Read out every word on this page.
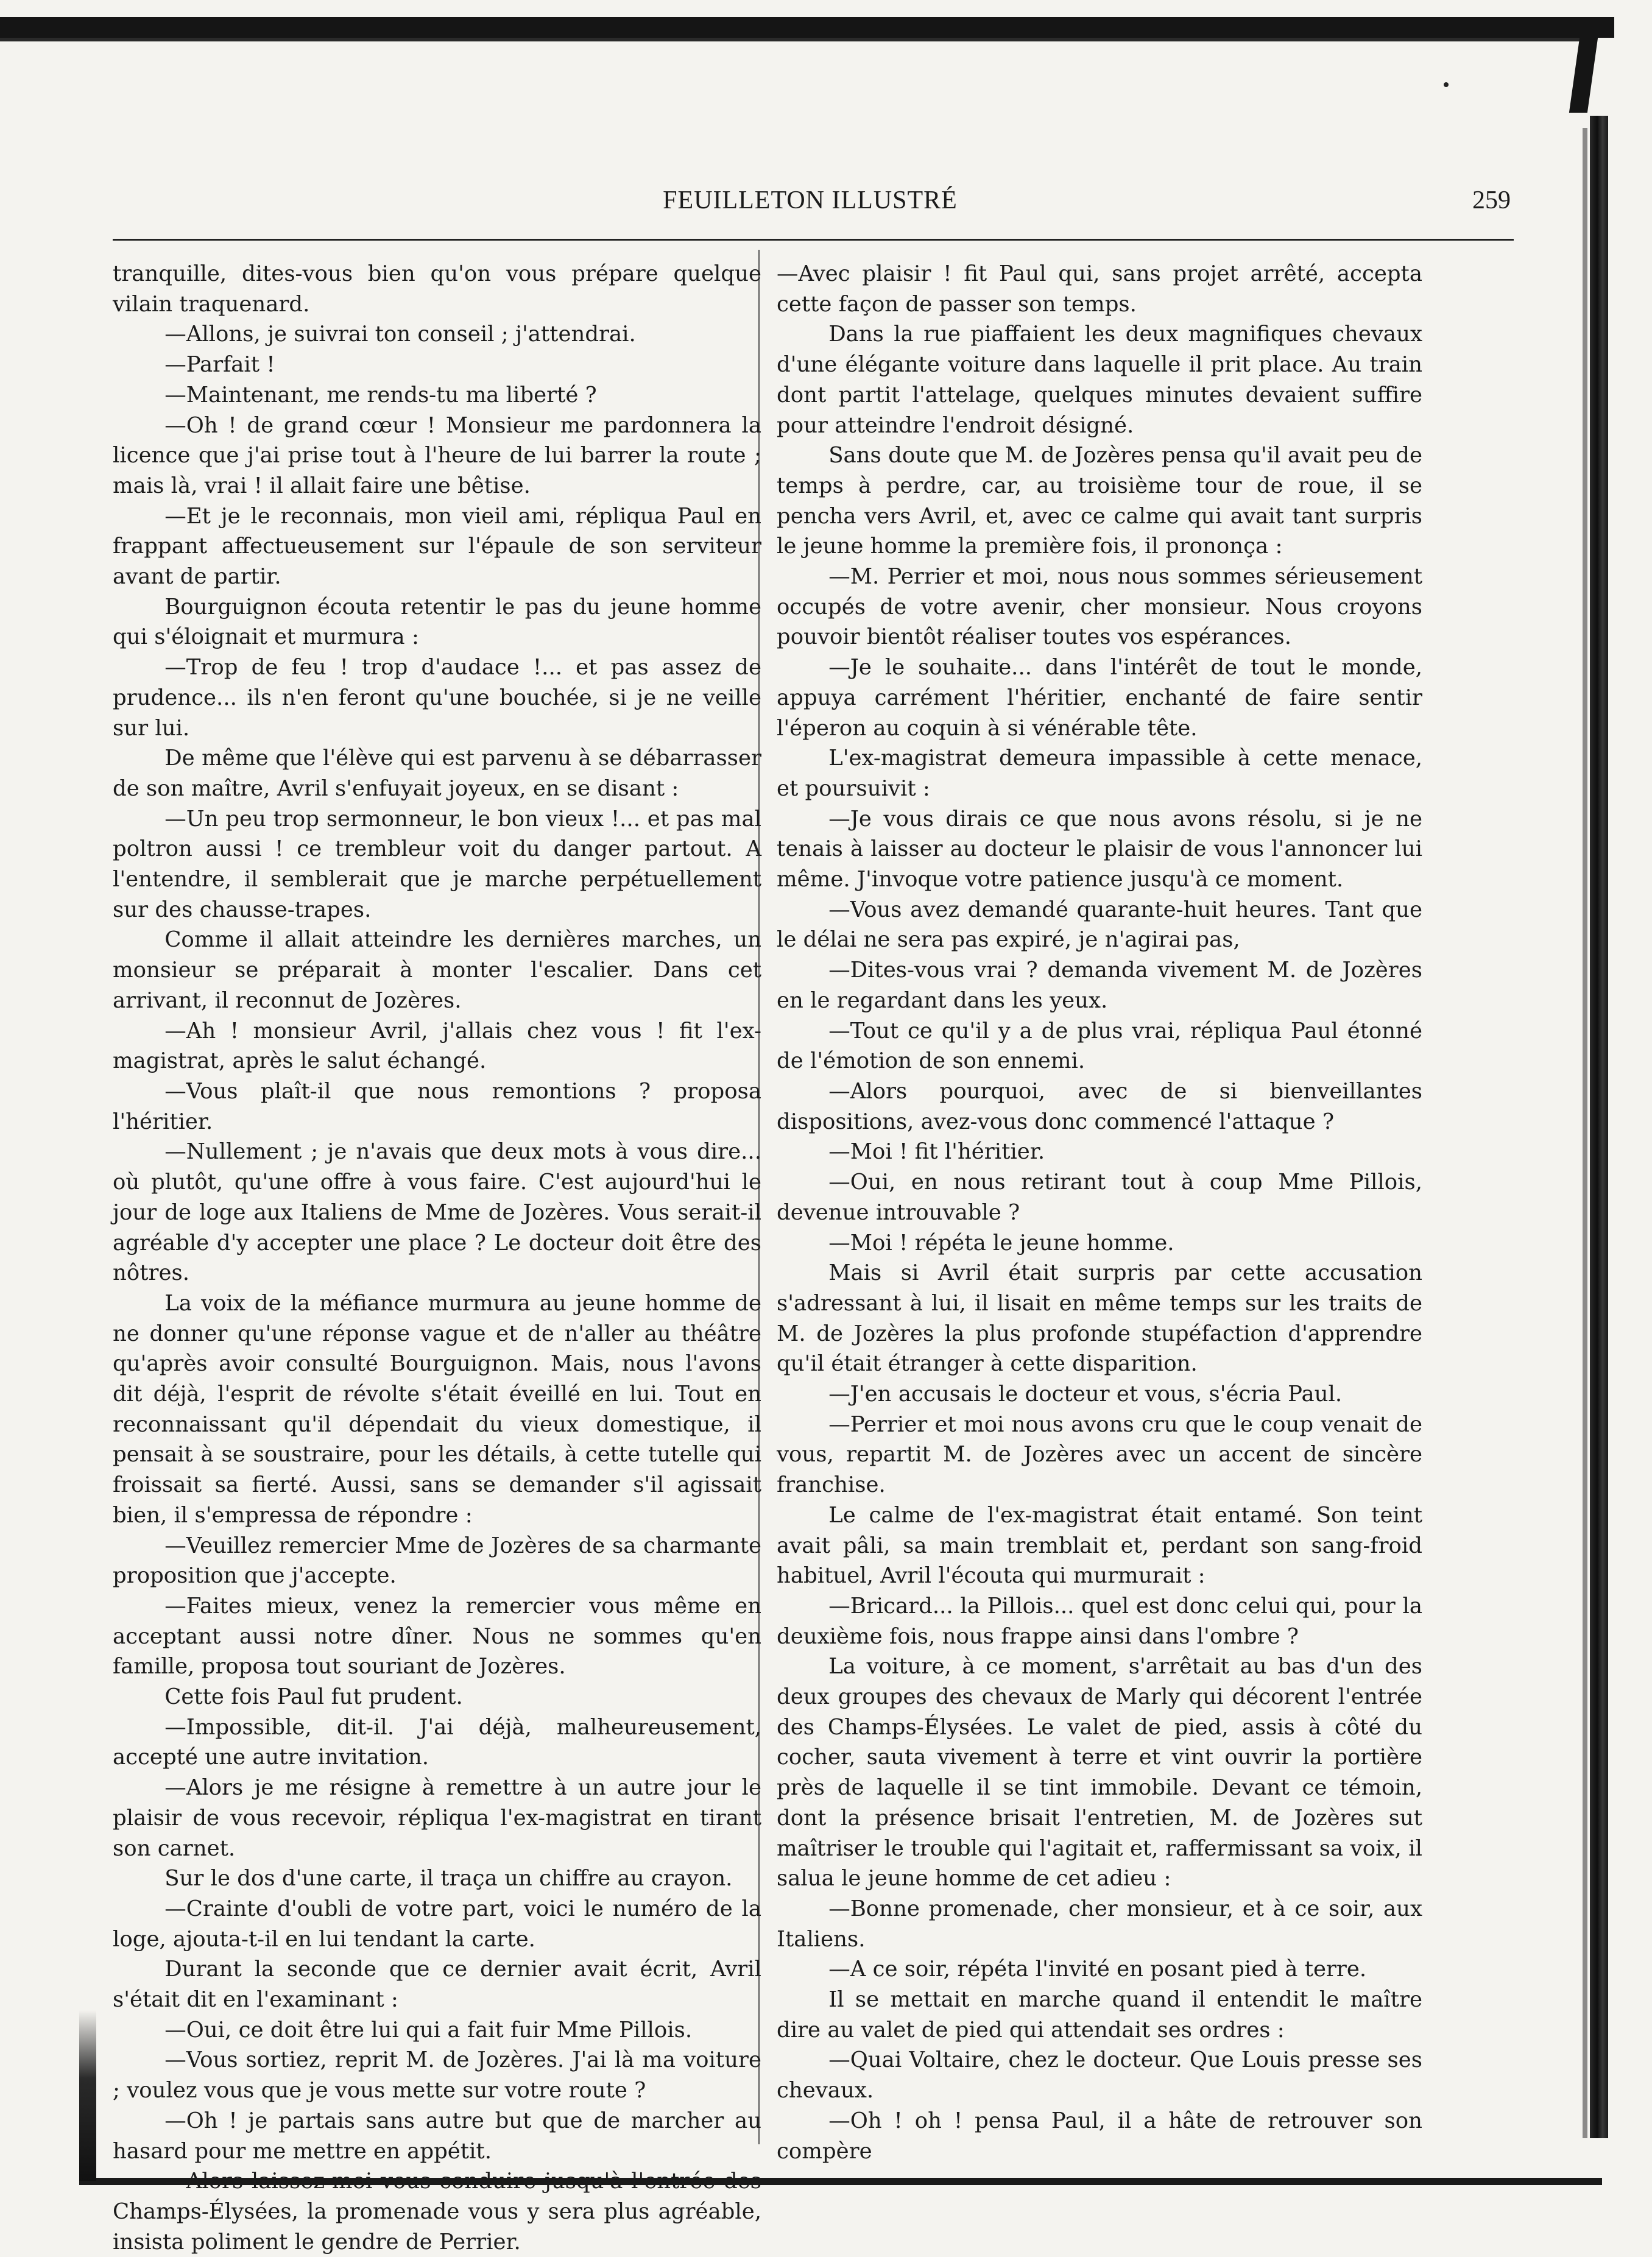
FEUILLETON ILLUSTRÉ	259

tranquille, dites-vous bien qu'on vous prépare quelque vilain traquenard.

—Allons, je suivrai ton conseil ; j'attendrai.

—Parfait !

—Maintenant, me rends-tu ma liberté ?

—Oh ! de grand cœur ! Monsieur me pardonnera la licence que j'ai prise tout à l'heure de lui barrer la route ; mais là, vrai ! il allait faire une bêtise.

—Et je le reconnais, mon vieil ami, répliqua Paul en frappant affectueusement sur l'épaule de son serviteur avant de partir.

Bourguignon écouta retentir le pas du jeune homme qui s'éloignait et murmura :

—Trop de feu ! trop d'audace !... et pas assez de prudence... ils n'en feront qu'une bouchée, si je ne veille sur lui.

De même que l'élève qui est parvenu à se débarrasser de son maître, Avril s'enfuyait joyeux, en se disant :

—Un peu trop sermonneur, le bon vieux !... et pas mal poltron aussi ! ce trembleur voit du danger partout. A l'entendre, il semblerait que je marche perpétuellement sur des chausse-trapes.

Comme il allait atteindre les dernières marches, un monsieur se préparait à monter l'escalier. Dans cet arrivant, il reconnut de Jozères.

—Ah ! monsieur Avril, j'allais chez vous ! fit l'ex-magistrat, après le salut échangé.

—Vous plaît-il que nous remontions ? proposa l'héritier.

—Nullement ; je n'avais que deux mots à vous dire... où plutôt, qu'une offre à vous faire. C'est aujourd'hui le jour de loge aux Italiens de Mme de Jozères. Vous serait-il agréable d'y accepter une place ? Le docteur doit être des nôtres.

La voix de la méfiance murmura au jeune homme de ne donner qu'une réponse vague et de n'aller au théâtre qu'après avoir consulté Bourguignon. Mais, nous l'avons dit déjà, l'esprit de révolte s'était éveillé en lui. Tout en reconnaissant qu'il dépendait du vieux domestique, il pensait à se soustraire, pour les détails, à cette tutelle qui froissait sa fierté. Aussi, sans se demander s'il agissait bien, il s'empressa de répondre :

—Veuillez remercier Mme de Jozères de sa charmante proposition que j'accepte.

—Faites mieux, venez la remercier vous même en acceptant aussi notre dîner. Nous ne sommes qu'en famille, proposa tout souriant de Jozères.

Cette fois Paul fut prudent.

—Impossible, dit-il. J'ai déjà, malheureusement, accepté une autre invitation.

—Alors je me résigne à remettre à un autre jour le plaisir de vous recevoir, répliqua l'ex-magistrat en tirant son carnet.

Sur le dos d'une carte, il traça un chiffre au crayon.

—Crainte d'oubli de votre part, voici le numéro de la loge, ajouta-t-il en lui tendant la carte.

Durant la seconde que ce dernier avait écrit, Avril s'était dit en l'examinant :

—Oui, ce doit être lui qui a fait fuir Mme Pillois.

—Vous sortiez, reprit M. de Jozères. J'ai là ma voiture ; voulez vous que je vous mette sur votre route ?

—Oh ! je partais sans autre but que de marcher au hasard pour me mettre en appétit.

—Alors laissez-moi vous conduire jusqu'à l'entrée des Champs-Élysées, la promenade vous y sera plus agréable, insista poliment le gendre de Perrier.

—Avec plaisir ! fit Paul qui, sans projet arrêté, accepta cette façon de passer son temps.

Dans la rue piaffaient les deux magnifiques chevaux d'une élégante voiture dans laquelle il prit place. Au train dont partit l'attelage, quelques minutes devaient suffire pour atteindre l'endroit désigné.

Sans doute que M. de Jozères pensa qu'il avait peu de temps à perdre, car, au troisième tour de roue, il se pencha vers Avril, et, avec ce calme qui avait tant surpris le jeune homme la première fois, il prononça :

—M. Perrier et moi, nous nous sommes sérieusement occupés de votre avenir, cher monsieur. Nous croyons pouvoir bientôt réaliser toutes vos espérances.

—Je le souhaite... dans l'intérêt de tout le monde, appuya carrément l'héritier, enchanté de faire sentir l'éperon au coquin à si vénérable tête.

L'ex-magistrat demeura impassible à cette menace, et poursuivit :

—Je vous dirais ce que nous avons résolu, si je ne tenais à laisser au docteur le plaisir de vous l'annoncer lui même. J'invoque votre patience jusqu'à ce moment.

—Vous avez demandé quarante-huit heures. Tant que le délai ne sera pas expiré, je n'agirai pas,

—Dites-vous vrai ? demanda vivement M. de Jozères en le regardant dans les yeux.

—Tout ce qu'il y a de plus vrai, répliqua Paul étonné de l'émotion de son ennemi.

—Alors pourquoi, avec de si bienveillantes dispositions, avez-vous donc commencé l'attaque ?

—Moi ! fit l'héritier.

—Oui, en nous retirant tout à coup Mme Pillois, devenue introuvable ?

—Moi ! répéta le jeune homme.

Mais si Avril était surpris par cette accusation s'adressant à lui, il lisait en même temps sur les traits de M. de Jozères la plus profonde stupéfaction d'apprendre qu'il était étranger à cette disparition.

—J'en accusais le docteur et vous, s'écria Paul.

—Perrier et moi nous avons cru que le coup venait de vous, repartit M. de Jozères avec un accent de sincère franchise.

Le calme de l'ex-magistrat était entamé. Son teint avait pâli, sa main tremblait et, perdant son sang-froid habituel, Avril l'écouta qui murmurait :

—Bricard... la Pillois... quel est donc celui qui, pour la deuxième fois, nous frappe ainsi dans l'ombre ?

La voiture, à ce moment, s'arrêtait au bas d'un des deux groupes des chevaux de Marly qui décorent l'entrée des Champs-Élysées. Le valet de pied, assis à côté du cocher, sauta vivement à terre et vint ouvrir la portière près de laquelle il se tint immobile. Devant ce témoin, dont la présence brisait l'entretien, M. de Jozères sut maîtriser le trouble qui l'agitait et, raffermissant sa voix, il salua le jeune homme de cet adieu :

—Bonne promenade, cher monsieur, et à ce soir, aux Italiens.

—A ce soir, répéta l'invité en posant pied à terre.

Il se mettait en marche quand il entendit le maître dire au valet de pied qui attendait ses ordres :

—Quai Voltaire, chez le docteur. Que Louis presse ses chevaux.

—Oh ! oh ! pensa Paul, il a hâte de retrouver son compère
